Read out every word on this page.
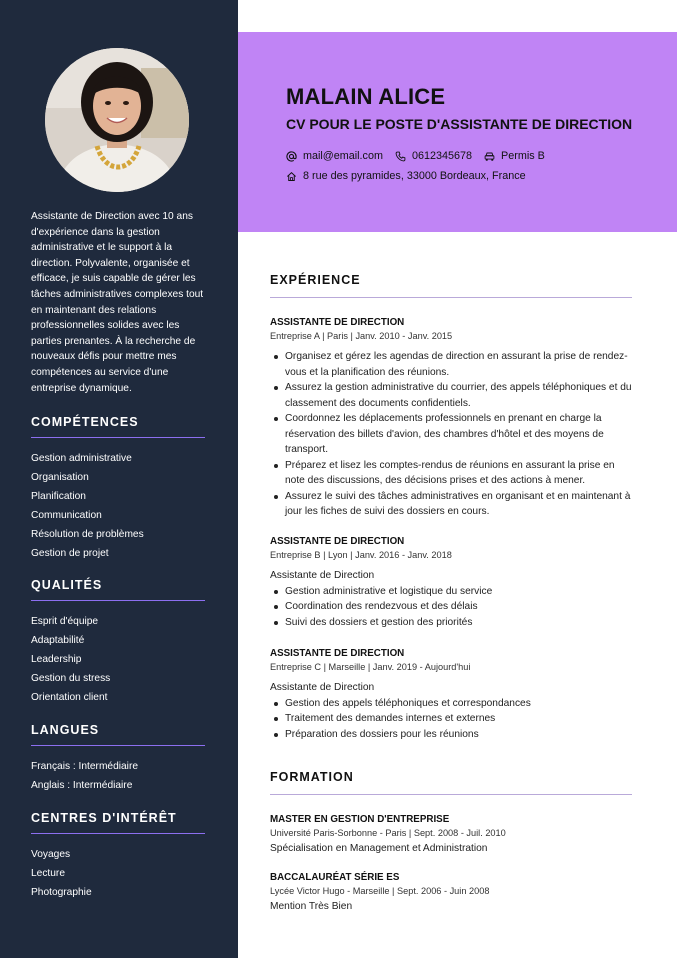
Assistante de Direction avec 10 ans d'expérience dans la gestion administrative et le support à la direction. Polyvalente, organisée et efficace, je suis capable de gérer les tâches administratives complexes tout en maintenant des relations professionnelles solides avec les parties prenantes. À la recherche de nouveaux défis pour mettre mes compétences au service d'une entreprise dynamique.

COMPÉTENCES
Gestion administrative
Organisation
Planification
Communication
Résolution de problèmes
Gestion de projet
QUALITÉS
Esprit d'équipe
Adaptabilité
Leadership
Gestion du stress
Orientation client
LANGUES
Français : Intermédiaire
Anglais : Intermédiaire
CENTRES D'INTÉRÊT
Voyages
Lecture
Photographie
MALAIN ALICE
CV POUR LE POSTE D'ASSISTANTE DE DIRECTION
mail@email.com	0612345678	Permis B
8 rue des pyramides, 33000 Bordeaux, France
EXPÉRIENCE
ASSISTANTE DE DIRECTION
Entreprise A | Paris | Janv. 2010 - Janv. 2015
Organisez et gérez les agendas de direction en assurant la prise de rendez-vous et la planification des réunions.
Assurez la gestion administrative du courrier, des appels téléphoniques et du classement des documents confidentiels.
Coordonnez les déplacements professionnels en prenant en charge la réservation des billets d'avion, des chambres d'hôtel et des moyens de transport.
Préparez et lisez les comptes-rendus de réunions en assurant la prise en note des discussions, des décisions prises et des actions à mener.
Assurez le suivi des tâches administratives en organisant et en maintenant à jour les fiches de suivi des dossiers en cours.
ASSISTANTE DE DIRECTION
Entreprise B | Lyon | Janv. 2016 - Janv. 2018
Assistante de Direction
Gestion administrative et logistique du service
Coordination des rendezvous et des délais
Suivi des dossiers et gestion des priorités
ASSISTANTE DE DIRECTION
Entreprise C | Marseille | Janv. 2019 - Aujourd'hui
Assistante de Direction
Gestion des appels téléphoniques et correspondances
Traitement des demandes internes et externes
Préparation des dossiers pour les réunions
FORMATION
MASTER EN GESTION D'ENTREPRISE
Université Paris-Sorbonne - Paris | Sept. 2008 - Juil. 2010
Spécialisation en Management et Administration
BACCALAURÉAT SÉRIE ES
Lycée Victor Hugo - Marseille | Sept. 2006 - Juin 2008
Mention Très Bien
